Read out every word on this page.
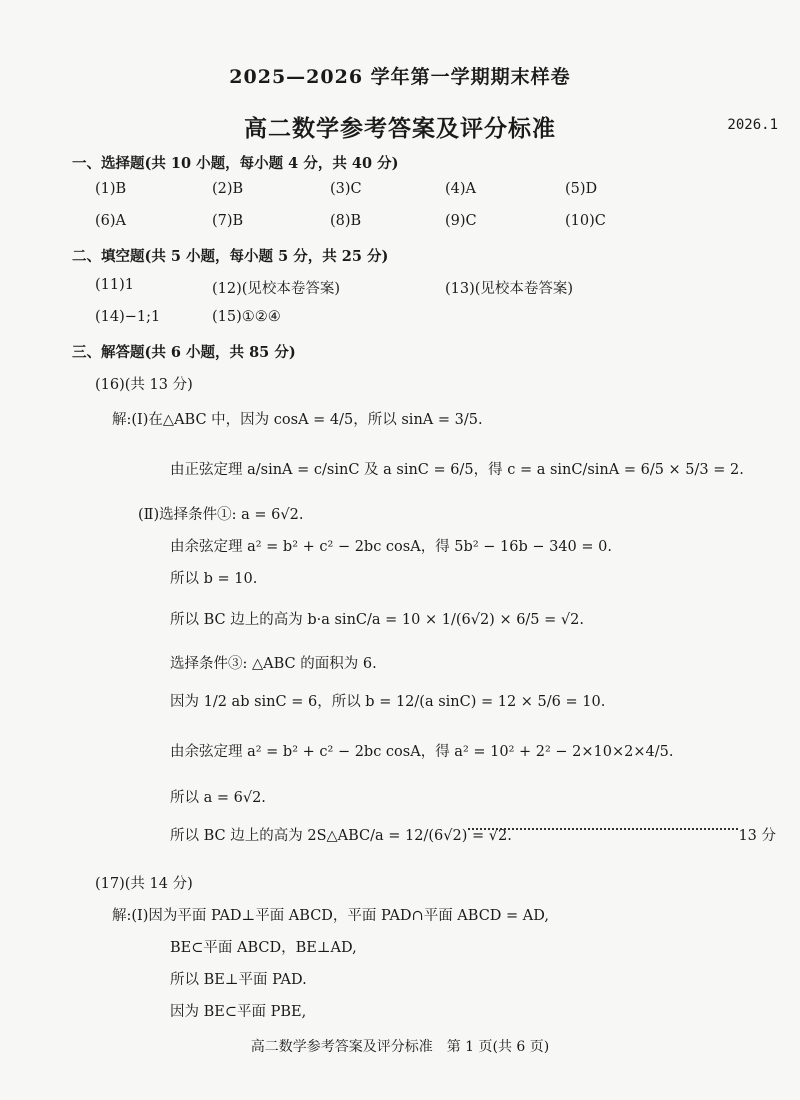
2025—2026 学年第一学期期末样卷
高二数学参考答案及评分标准	2026.1
一、选择题(共 10 小题，每小题 4 分，共 40 分)
(1)B	(2)B	(3)C	(4)A	(5)D
(6)A	(7)B	(8)B	(9)C	(10)C
二、填空题(共 5 小题，每小题 5 分，共 25 分)
(11)1	(12)(见校本卷答案)	(13)(见校本卷答案)
(14)−1;1	(15)①②④
三、解答题(共 6 小题，共 85 分)
(16)(共 13 分)
解:(Ⅰ)在△ABC 中，因为 cosA = 4/5，所以 sinA = 3/5.
由正弦定理 a/sinA = c/sinC 及 a sinC = 6/5，得 c = a sinC/sinA = 6/5 × 5/3 = 2.
(Ⅱ)选择条件①: a = 6√2.
由余弦定理 a² = b² + c² − 2bc cosA，得 5b² − 16b − 340 = 0.
所以 b = 10.
所以 BC 边上的高为 b·a sinC/a = 10 × 1/(6√2) × 6/5 = √2.
选择条件③: △ABC 的面积为 6.
因为 1/2 ab sinC = 6，所以 b = 12/(a sinC) = 12 × 5/6 = 10.
由余弦定理 a² = b² + c² − 2bc cosA，得 a² = 10² + 2² − 2×10×2×4/5.
所以 a = 6√2.
所以 BC 边上的高为 2S△ABC/a = 12/(6√2) = √2.	13 分
(17)(共 14 分)
解:(Ⅰ)因为平面 PAD⊥平面 ABCD，平面 PAD∩平面 ABCD = AD,
BE⊂平面 ABCD，BE⊥AD,
所以 BE⊥平面 PAD.
因为 BE⊂平面 PBE,
高二数学参考答案及评分标准　第 1 页(共 6 页)
